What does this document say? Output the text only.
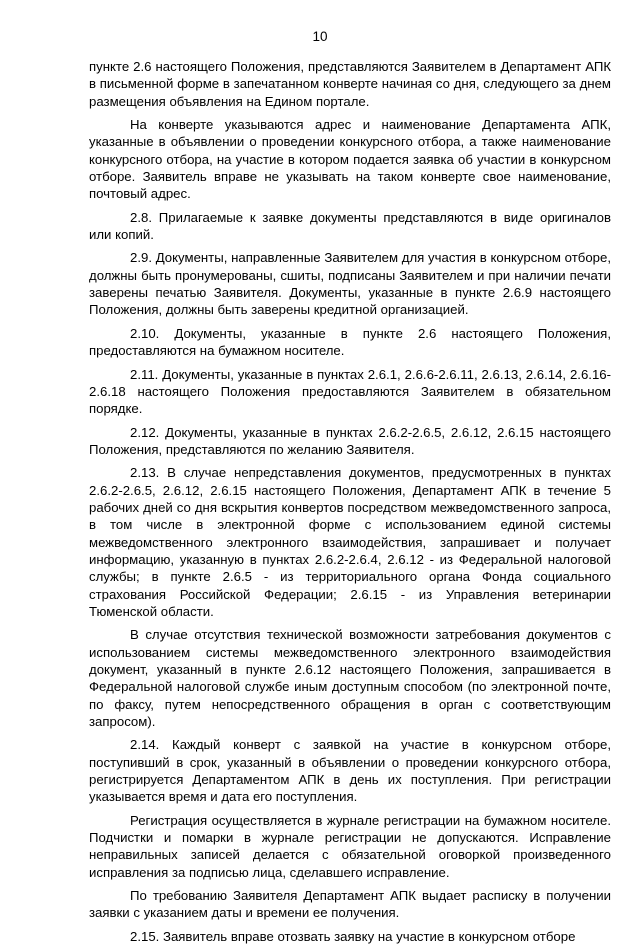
10

пункте 2.6 настоящего Положения, представляются Заявителем в Департамент АПК в письменной форме в запечатанном конверте начиная со дня, следующего за днем размещения объявления на Едином портале.

На конверте указываются адрес и наименование Департамента АПК, указанные в объявлении о проведении конкурсного отбора, а также наименование конкурсного отбора, на участие в котором подается заявка об участии в конкурсном отборе. Заявитель вправе не указывать на таком конверте свое наименование, почтовый адрес.

2.8. Прилагаемые к заявке документы представляются в виде оригиналов или копий.

2.9. Документы, направленные Заявителем для участия в конкурсном отборе, должны быть пронумерованы, сшиты, подписаны Заявителем и при наличии печати заверены печатью Заявителя. Документы, указанные в пункте 2.6.9 настоящего Положения, должны быть заверены кредитной организацией.

2.10. Документы, указанные в пункте 2.6 настоящего Положения, предоставляются на бумажном носителе.

2.11. Документы, указанные в пунктах 2.6.1, 2.6.6-2.6.11, 2.6.13, 2.6.14, 2.6.16-2.6.18 настоящего Положения предоставляются Заявителем в обязательном порядке.

2.12. Документы, указанные в пунктах 2.6.2-2.6.5, 2.6.12, 2.6.15 настоящего Положения, представляются по желанию Заявителя.

2.13. В случае непредставления документов, предусмотренных в пунктах 2.6.2-2.6.5, 2.6.12, 2.6.15 настоящего Положения, Департамент АПК в течение 5 рабочих дней со дня вскрытия конвертов посредством межведомственного запроса, в том числе в электронной форме с использованием единой системы межведомственного электронного взаимодействия, запрашивает и получает информацию, указанную в пунктах 2.6.2-2.6.4, 2.6.12 - из Федеральной налоговой службы; в пункте 2.6.5 - из территориального органа Фонда социального страхования Российской Федерации; 2.6.15 - из Управления ветеринарии Тюменской области.

В случае отсутствия технической возможности затребования документов с использованием системы межведомственного электронного взаимодействия документ, указанный в пункте 2.6.12 настоящего Положения, запрашивается в Федеральной налоговой службе иным доступным способом (по электронной почте, по факсу, путем непосредственного обращения в орган с соответствующим запросом).

2.14. Каждый конверт с заявкой на участие в конкурсном отборе, поступивший в срок, указанный в объявлении о проведении конкурсного отбора, регистрируется Департаментом АПК в день их поступления. При регистрации указывается время и дата его поступления.

Регистрация осуществляется в журнале регистрации на бумажном носителе. Подчистки и помарки в журнале регистрации не допускаются. Исправление неправильных записей делается с обязательной оговоркой произведенного исправления за подписью лица, сделавшего исправление.

По требованию Заявителя Департамент АПК выдает расписку в получении заявки с указанием даты и времени ее получения.

2.15. Заявитель вправе отозвать заявку на участие в конкурсном отборе
